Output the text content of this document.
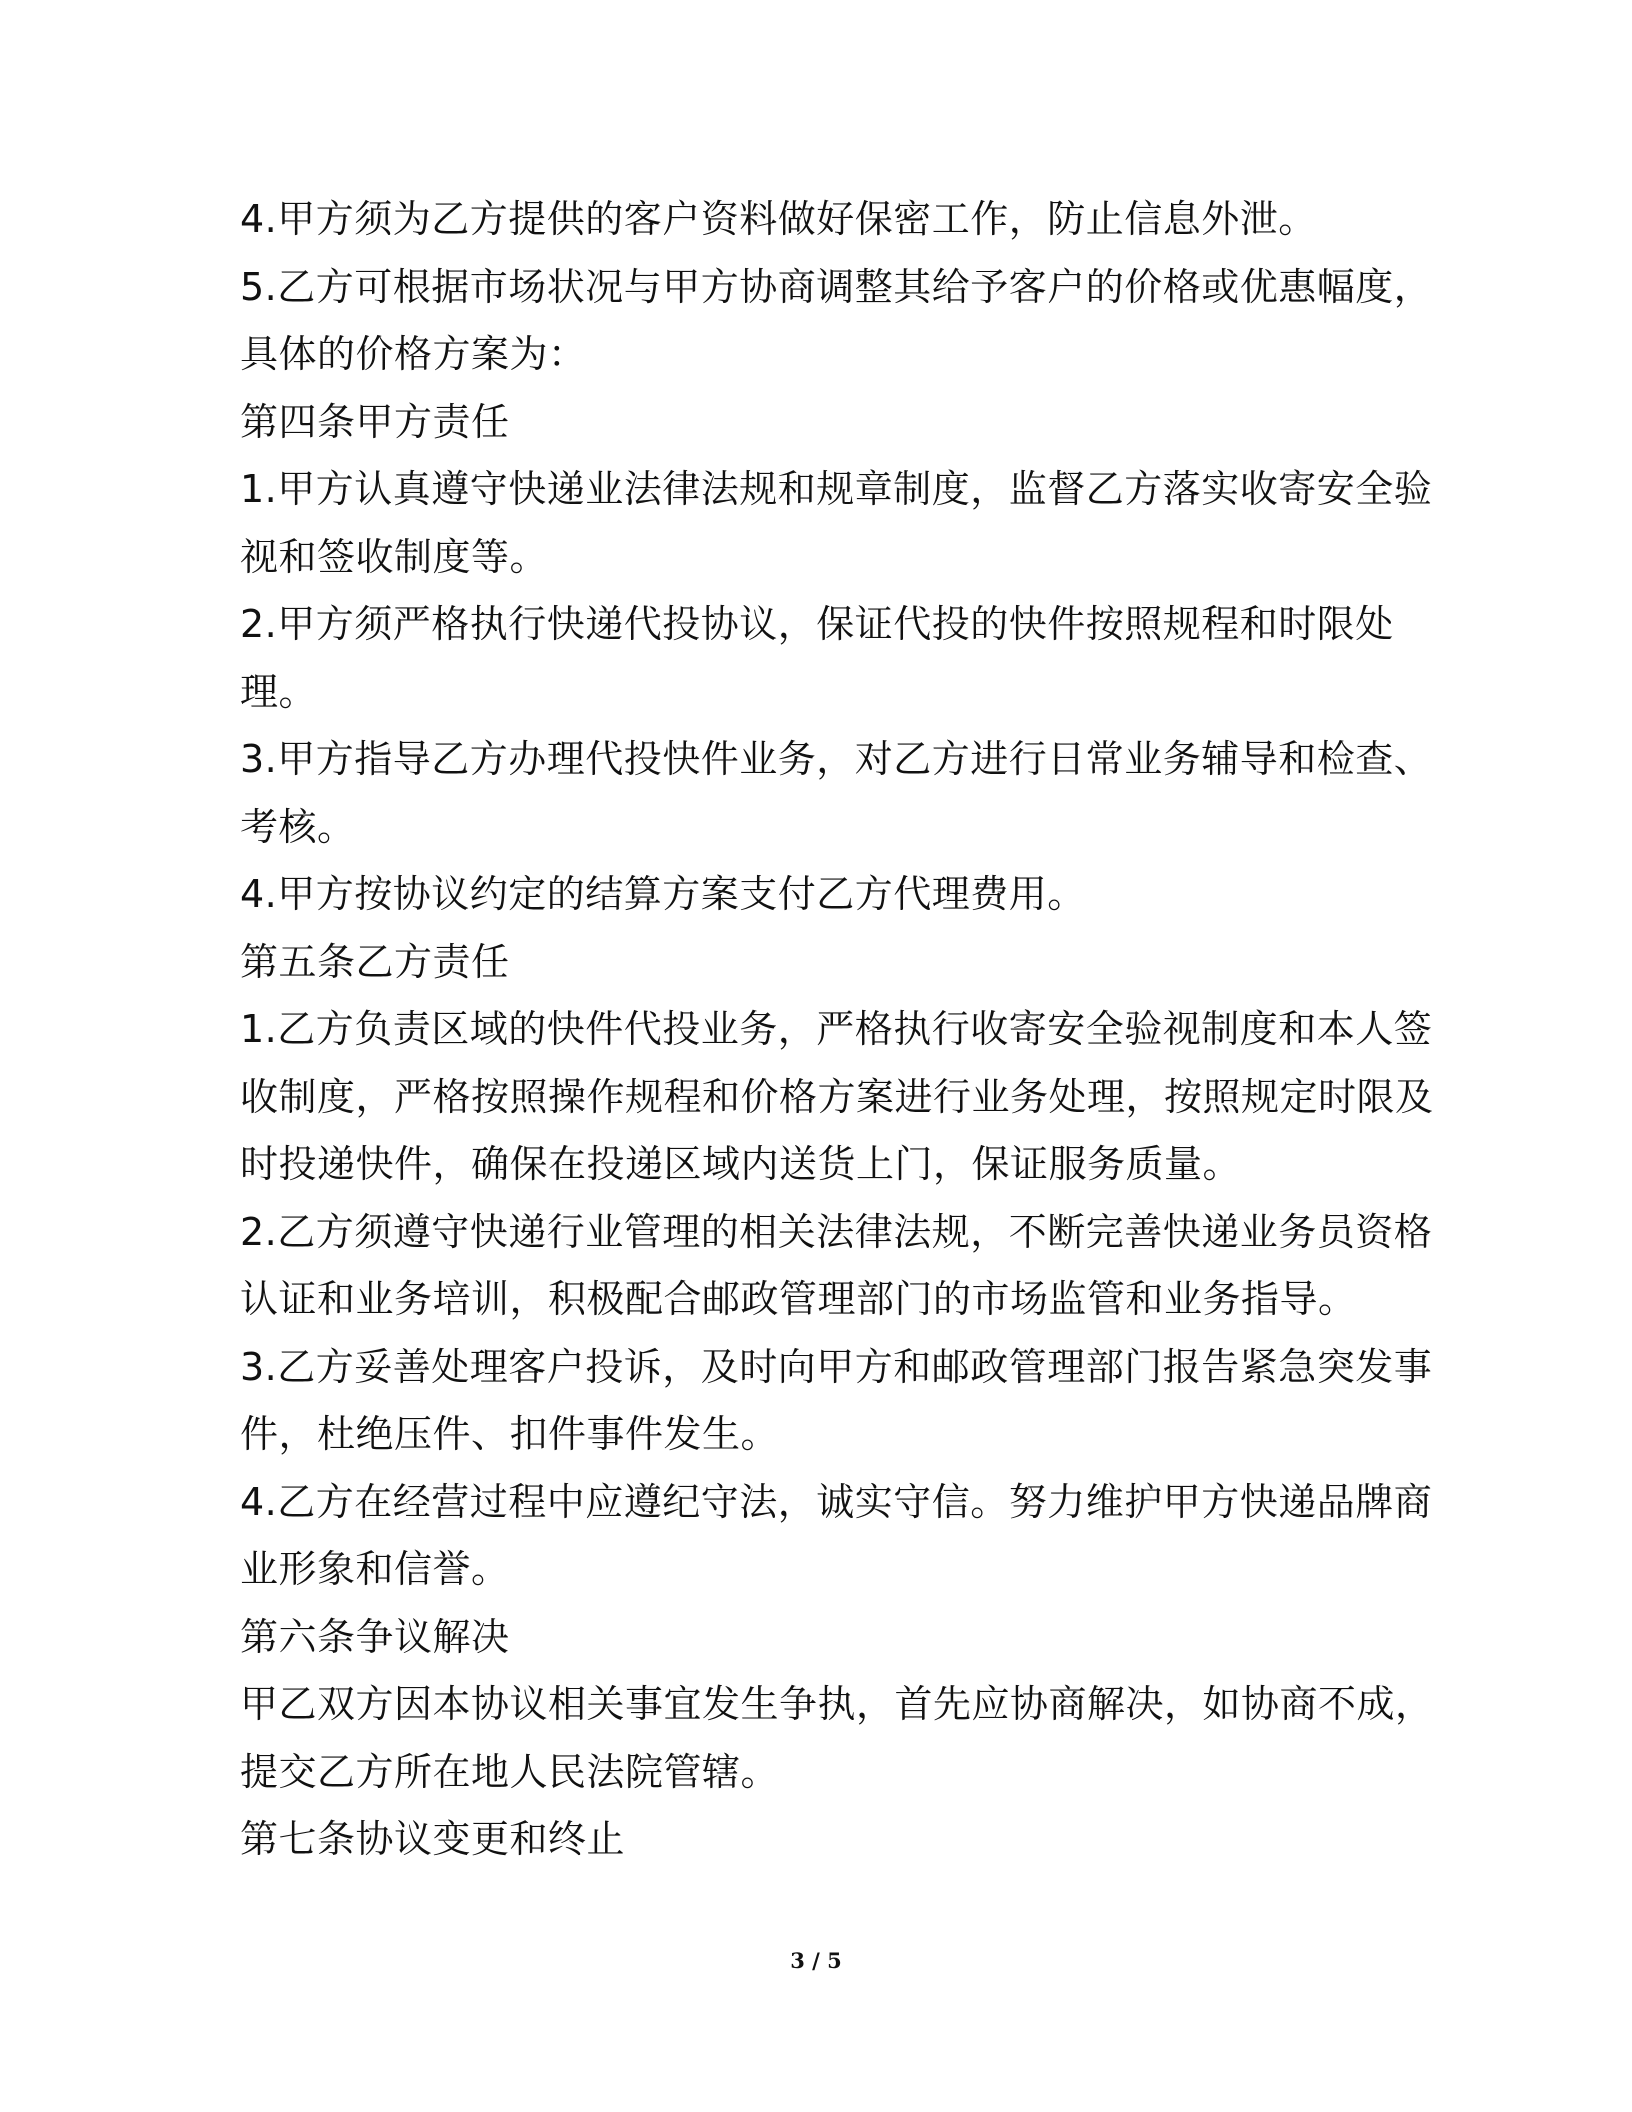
4.甲方须为乙方提供的客户资料做好保密工作，防止信息外泄。
5.乙方可根据市场状况与甲方协商调整其给予客户的价格或优惠幅度，
具体的价格方案为：
第四条甲方责任
1.甲方认真遵守快递业法律法规和规章制度，监督乙方落实收寄安全验
视和签收制度等。
2.甲方须严格执行快递代投协议，保证代投的快件按照规程和时限处
理。
3.甲方指导乙方办理代投快件业务，对乙方进行日常业务辅导和检查、
考核。
4.甲方按协议约定的结算方案支付乙方代理费用。
第五条乙方责任
1.乙方负责区域的快件代投业务，严格执行收寄安全验视制度和本人签
收制度，严格按照操作规程和价格方案进行业务处理，按照规定时限及
时投递快件，确保在投递区域内送货上门，保证服务质量。
2.乙方须遵守快递行业管理的相关法律法规，不断完善快递业务员资格
认证和业务培训，积极配合邮政管理部门的市场监管和业务指导。
3.乙方妥善处理客户投诉，及时向甲方和邮政管理部门报告紧急突发事
件，杜绝压件、扣件事件发生。
4.乙方在经营过程中应遵纪守法，诚实守信。努力维护甲方快递品牌商
业形象和信誉。
第六条争议解决
甲乙双方因本协议相关事宜发生争执，首先应协商解决，如协商不成，
提交乙方所在地人民法院管辖。
第七条协议变更和终止
3 / 5
